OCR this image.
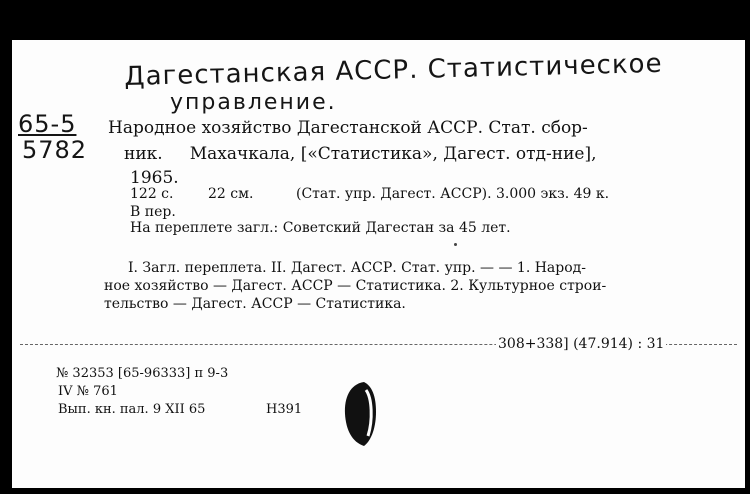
Дагестанская АССР. Статистическое
управление.
65-5
5782
Народное хозяйство Дагестанской АССР. Стат. сбор-
ник.     Махачкала, [«Статистика», Дагест. отд-ние],
1965.
122 с. 22 см.	(Стат. упр. Дагест. АССР). 3.000 экз. 49 к.
В пер.
На переплете загл.: Советский Дагестан за 45 лет.
I. Загл. переплета. II. Дагест. АССР. Стат. упр. — — 1. Народ-
ное хозяйство — Дагест. АССР — Статистика. 2. Культурное строи-
тельство — Дагест. АССР — Статистика.
308+338] (47.914) : 31
№ 32353 [65-96333] п 9-3
IV № 761
Вып. кн. пал. 9 XII 65	Н391
